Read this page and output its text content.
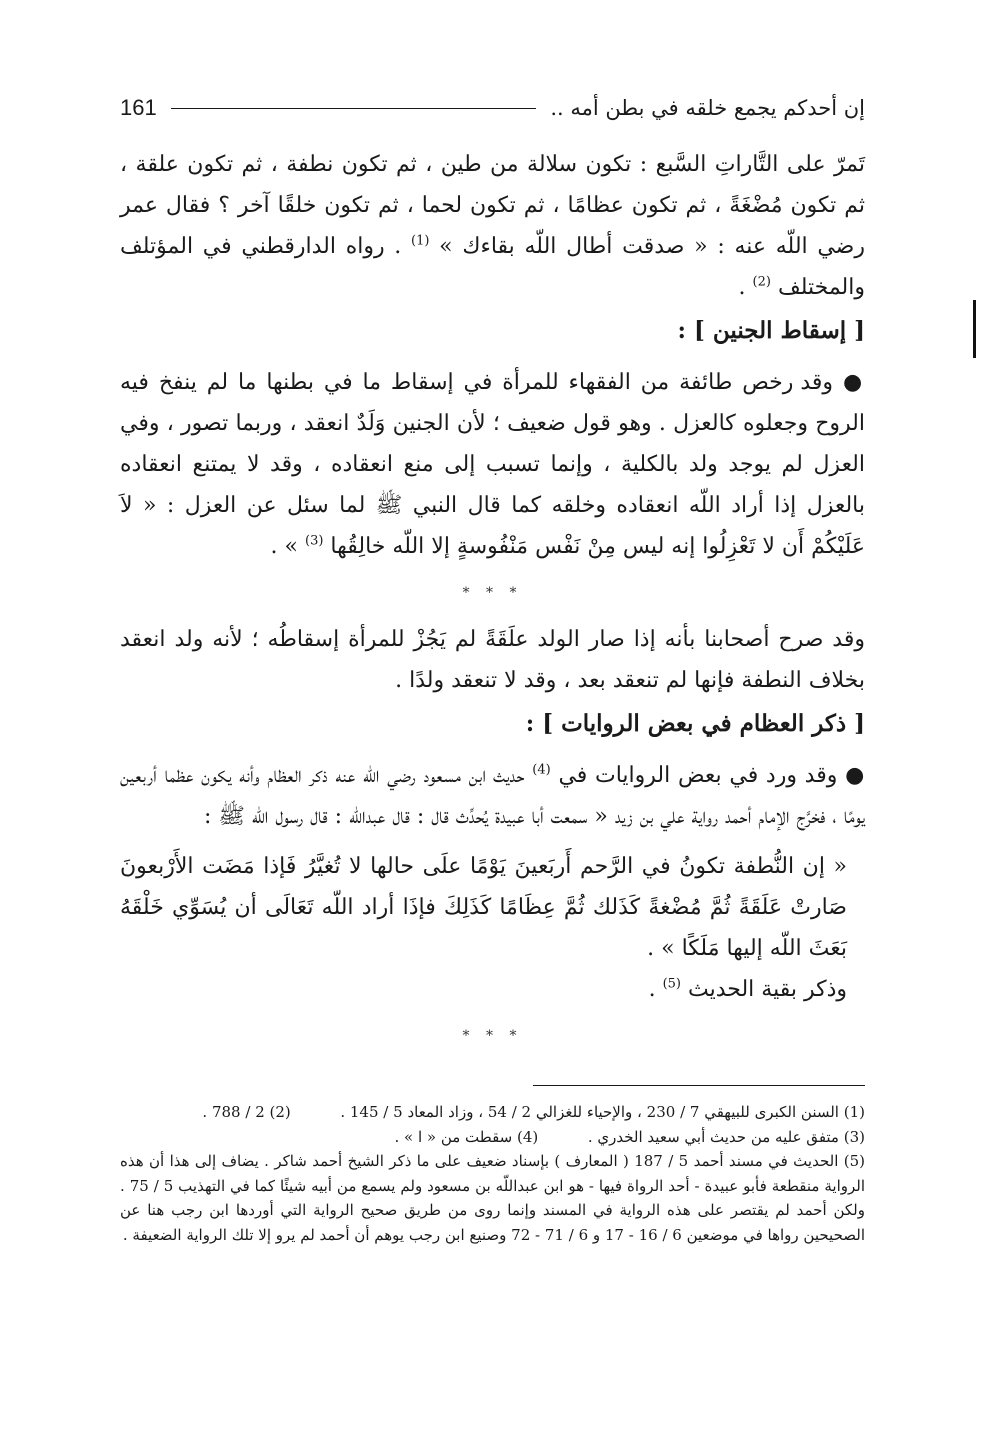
إن أحدكم يجمع خلقه في بطن أمه ..
161

تَمرّ على التَّاراتِ السَّبع : تكون سلالة من طين ، ثم تكون نطفة ، ثم تكون علقة ، ثم تكون مُضْغَةً ، ثم تكون عظامًا ، ثم تكون لحما ، ثم تكون خلقًا آخر ؟ فقال عمر رضي اللّه عنه : « صدقت أطال اللّه بقاءك » $^{(1)}$ . رواه الدارقطني في المؤتلف والمختلف $^{(2)}$ .

[ إسقاط الجنين ] :

● وقد رخص طائفة من الفقهاء للمرأة في إسقاط ما في بطنها ما لم ينفخ فيه الروح وجعلوه كالعزل . وهو قول ضعيف ؛ لأن الجنين وَلَدٌ انعقد ، وربما تصور ، وفي العزل لم يوجد ولد بالكلية ، وإنما تسبب إلى منع انعقاده ، وقد لا يمتنع انعقاده بالعزل إذا أراد اللّه انعقاده وخلقه كما قال النبي ﷺ لما سئل عن العزل : « لاَ عَلَيْكُمْ أَن لا تَعْزِلُوا إنه ليس مِنْ نَفْس مَنْفُوسةٍ إلا اللّه خالِقُها $^{(3)}$ » .

* * *

وقد صرح أصحابنا بأنه إذا صار الولد علَقَةً لم يَجُزْ للمرأة إسقاطُه ؛ لأنه ولد انعقد بخلاف النطفة فإنها لم تنعقد بعد ، وقد لا تنعقد ولدًا .

[ ذكر العظام في بعض الروايات ] :

● وقد ورد في بعض الروايات في $^{(4)}$ حديث ابن مسعود رضي اللّه عنه ذكر العظام وأنه يكون عظما أربعين يومًا ، فخرَّج الإمام أحمد رواية علي بن زيد « سمعت أبا عبيدة يُحدِّث قال : قال عبداللّه : قال رسول اللّه ﷺ :

« إن النُّطفة تكونُ في الرَّحم أَربَعينَ يَوْمًا علَى حالها لا تُغيَّرُ فَإذا مَضَت الأَرْبعونَ صَارتْ عَلَقَةً ثُمَّ مُضْغةً كَذَلك ثُمَّ عِظَامًا كَذَلِكَ فإذَا أراد اللّه تَعَالَى أن يُسَوِّي خَلْقَهُ بَعَثَ اللّه إليها مَلَكًا » .

وذكر بقية الحديث $^{(5)}$ .

* * *

(1) السنن الكبرى للبيهقي 7 / 230 ، والإحياء للغزالي 2 / 54 ، وزاد المعاد 5 / 145 .  (2) 2 / 788 .

(3) متفق عليه من حديث أبي سعيد الخدري .  (4) سقطت من « ا » .

(5) الحديث في مسند أحمد 5 / 187 ( المعارف ) بإسناد ضعيف على ما ذكر الشيخ أحمد شاكر . يضاف إلى هذا أن هذه الرواية منقطعة فأبو عبيدة - أحد الرواة فيها - هو ابن عبداللّه بن مسعود ولم يسمع من أبيه شيئًا كما في التهذيب 5 / 75 . ولكن أحمد لم يقتصر على هذه الرواية في المسند وإنما روى من طريق صحيح الرواية التي أوردها ابن رجب هنا عن الصحيحين رواها في موضعين 6 / 16 - 17 و 6 / 71 - 72 وصنيع ابن رجب يوهم أن أحمد لم يرو إلا تلك الرواية الضعيفة .
